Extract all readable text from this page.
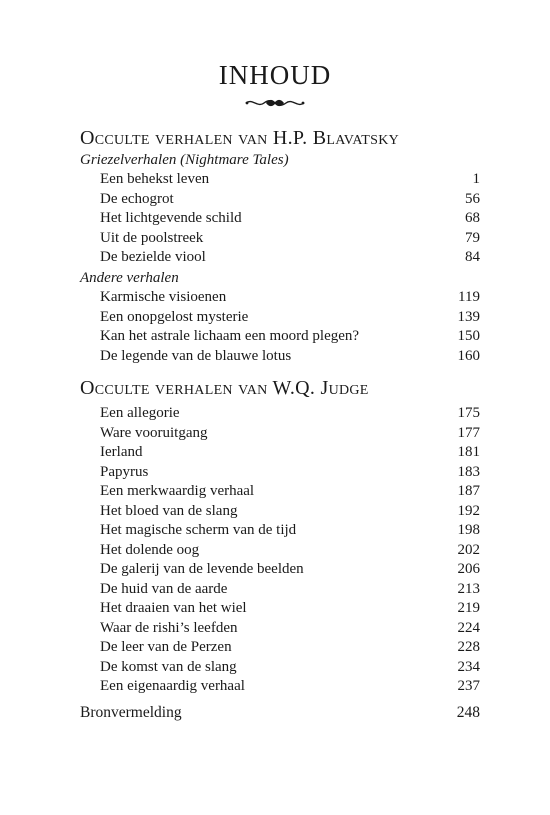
INHOUD
Occulte verhalen van H.P. Blavatsky
Griezelverhalen (Nightmare Tales)
Een behekst leven	1
De echogrot	56
Het lichtgevende schild	68
Uit de poolstreek	79
De bezielde viool	84
Andere verhalen
Karmische visioenen	119
Een onopgelost mysterie	139
Kan het astrale lichaam een moord plegen?	150
De legende van de blauwe lotus	160
Occulte verhalen van W.Q. Judge
Een allegorie	175
Ware vooruitgang	177
Ierland	181
Papyrus	183
Een merkwaardig verhaal	187
Het bloed van de slang	192
Het magische scherm van de tijd	198
Het dolende oog	202
De galerij van de levende beelden	206
De huid van de aarde	213
Het draaien van het wiel	219
Waar de rishi’s leefden	224
De leer van de Perzen	228
De komst van de slang	234
Een eigenaardig verhaal	237
Bronvermelding	248
